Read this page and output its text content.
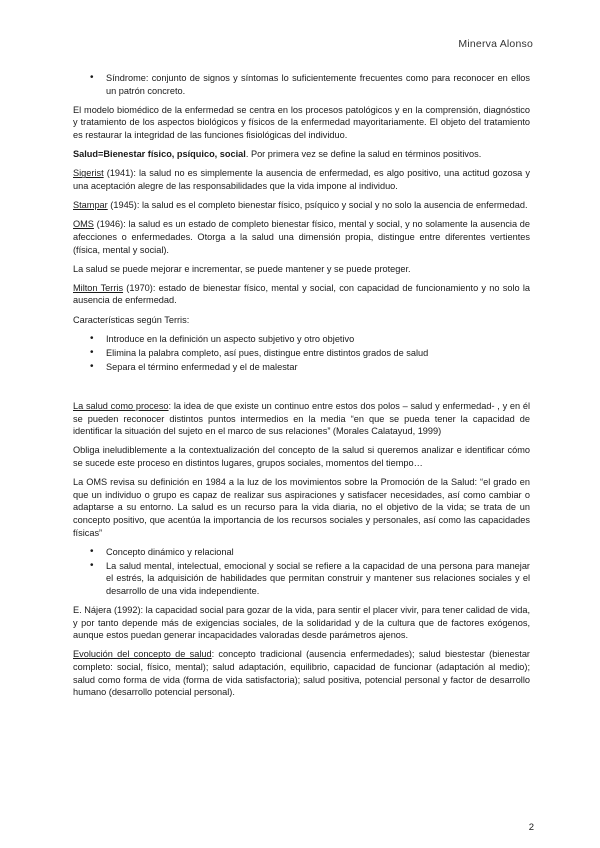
Minerva Alonso
• Síndrome: conjunto de signos y síntomas lo suficientemente frecuentes como para reconocer en ellos un patrón concreto.

El modelo biomédico de la enfermedad se centra en los procesos patológicos y en la comprensión, diagnóstico y tratamiento de los aspectos biológicos y físicos de la enfermedad mayoritariamente. El objeto del tratamiento es restaurar la integridad de las funciones fisiológicas del individuo.

Salud=Bienestar físico, psíquico, social. Por primera vez se define la salud en términos positivos.

Sigerist (1941): la salud no es simplemente la ausencia de enfermedad, es algo positivo, una actitud gozosa y una aceptación alegre de las responsabilidades que la vida impone al individuo.

Stampar (1945): la salud es el completo bienestar físico, psíquico y social y no solo la ausencia de enfermedad.

OMS (1946): la salud es un estado de completo bienestar físico, mental y social, y no solamente la ausencia de afecciones o enfermedades. Otorga a la salud una dimensión propia, distingue entre diferentes vertientes (física, mental y social).

La salud se puede mejorar e incrementar, se puede mantener y se puede proteger.

Milton Terris (1970): estado de bienestar físico, mental y social, con capacidad de funcionamiento y no solo la ausencia de enfermedad.

Características según Terris:

• Introduce en la definición un aspecto subjetivo y otro objetivo
• Elimina la palabra completo, así pues, distingue entre distintos grados de salud
• Separa el término enfermedad y el de malestar

La salud como proceso: la idea de que existe un continuo entre estos dos polos – salud y enfermedad- , y en él se pueden reconocer distintos puntos intermedios en la media “en que se pueda tener la capacidad de identificar la situación del sujeto en el marco de sus relaciones” (Morales Calatayud, 1999)

Obliga ineludiblemente a la contextualización del concepto de la salud si queremos analizar e identificar cómo se sucede este proceso en distintos lugares, grupos sociales, momentos del tiempo…

La OMS revisa su definición en 1984 a la luz de los movimientos sobre la Promoción de la Salud: “el grado en que un individuo o grupo es capaz de realizar sus aspiraciones y satisfacer necesidades, así como cambiar o adaptarse a su entorno. La salud es un recurso para la vida diaria, no el objetivo de la vida; se trata de un concepto positivo, que acentúa la importancia de los recursos sociales y personales, así como las capacidades físicas”

• Concepto dinámico y relacional
• La salud mental, intelectual, emocional y social se refiere a la capacidad de una persona para manejar el estrés, la adquisición de habilidades que permitan construir y mantener sus relaciones sociales y el desarrollo de una vida independiente.

E. Nájera (1992): la capacidad social para gozar de la vida, para sentir el placer vivir, para tener calidad de vida, y por tanto depende más de exigencias sociales, de la solidaridad y de la cultura que de factores exógenos, aunque estos puedan generar incapacidades valoradas desde parámetros ajenos.

Evolución del concepto de salud: concepto tradicional (ausencia enfermedades); salud biestestar (bienestar completo: social, físico, mental); salud adaptación, equilibrio, capacidad de funcionar (adaptación al medio); salud como forma de vida (forma de vida satisfactoria); salud positiva, potencial personal y factor de desarrollo humano (desarrollo potencial personal).

2
